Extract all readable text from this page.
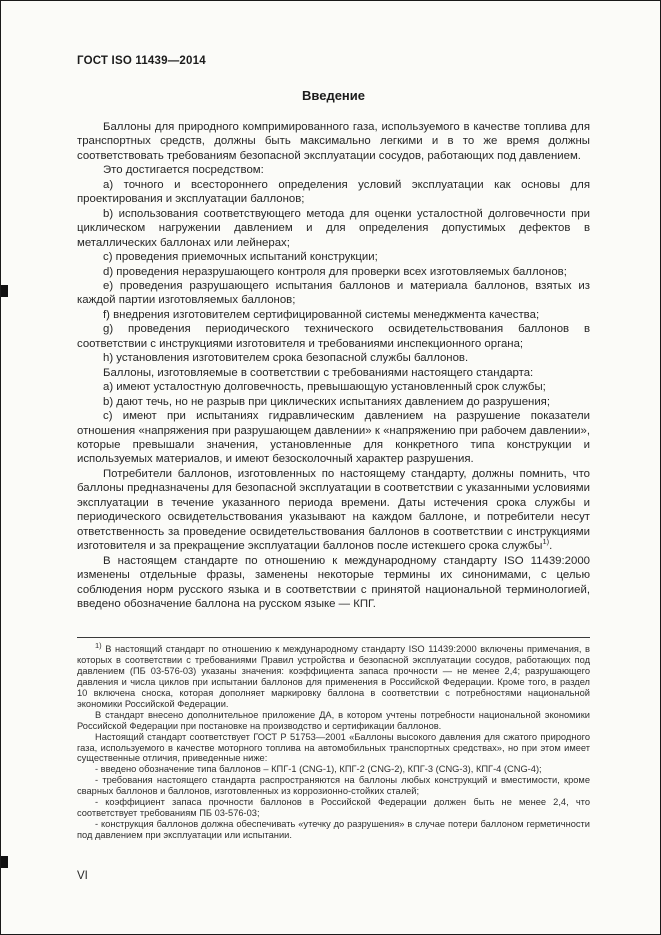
ГОСТ ISO 11439—2014
Введение

Баллоны для природного компримированного газа, используемого в качестве топлива для транспортных средств, должны быть максимально легкими и в то же время должны соответствовать требованиям безопасной эксплуатации сосудов, работающих под давлением.

Это достигается посредством:

a) точного и всестороннего определения условий эксплуатации как основы для проектирования и эксплуатации баллонов;

b) использования соответствующего метода для оценки усталостной долговечности при циклическом нагружении давлением и для определения допустимых дефектов в металлических баллонах или лейнерах;

c) проведения приемочных испытаний конструкции;

d) проведения неразрушающего контроля для проверки всех изготовляемых баллонов;

e) проведения разрушающего испытания баллонов и материала баллонов, взятых из каждой партии изготовляемых баллонов;

f) внедрения изготовителем сертифицированной системы менеджмента качества;

g) проведения периодического технического освидетельствования баллонов в соответствии с инструкциями изготовителя и требованиями инспекционного органа;

h) установления изготовителем срока безопасной службы баллонов.

Баллоны, изготовляемые в соответствии с требованиями настоящего стандарта:

a) имеют усталостную долговечность, превышающую установленный срок службы;

b) дают течь, но не разрыв при циклических испытаниях давлением до разрушения;

c) имеют при испытаниях гидравлическим давлением на разрушение показатели отношения «напряжения при разрушающем давлении» к «напряжению при рабочем давлении», которые превышали значения, установленные для конкретного типа конструкции и используемых материалов, и имеют безосколочный характер разрушения.

Потребители баллонов, изготовленных по настоящему стандарту, должны помнить, что баллоны предназначены для безопасной эксплуатации в соответствии с указанными условиями эксплуатации в течение указанного периода времени. Даты истечения срока службы и периодического освидетельствования указывают на каждом баллоне, и потребители несут ответственность за проведение освидетельствования баллонов в соответствии с инструкциями изготовителя и за прекращение эксплуатации баллонов после истекшего срока службы$^{1)}$.

В настоящем стандарте по отношению к международному стандарту ISO 11439:2000 изменены отдельные фразы, заменены некоторые термины их синонимами, с целью соблюдения норм русского языка и в соответствии с принятой национальной терминологией, введено обозначение баллона на русском языке — КПГ.

$^{1)}$ В настоящий стандарт по отношению к международному стандарту ISO 11439:2000 включены примечания, в которых в соответствии с требованиями Правил устройства и безопасной эксплуатации сосудов, работающих под давлением (ПБ 03-576-03) указаны значения: коэффициента запаса прочности — не менее 2,4; разрушающего давления и числа циклов при испытании баллонов для применения в Российской Федерации. Кроме того, в раздел 10 включена сноска, которая дополняет маркировку баллона в соответствии с потребностями национальной экономики Российской Федерации.

В стандарт внесено дополнительное приложение ДА, в котором учтены потребности национальной экономики Российской Федерации при постановке на производство и сертификации баллонов.

Настоящий стандарт соответствует ГОСТ Р 51753—2001 «Баллоны высокого давления для сжатого природного газа, используемого в качестве моторного топлива на автомобильных транспортных средствах», но при этом имеет существенные отличия, приведенные ниже:

- введено обозначение типа баллонов – КПГ-1 (CNG-1), КПГ-2 (CNG-2), КПГ-3 (CNG-3), КПГ-4 (CNG-4);

- требования настоящего стандарта распространяются на баллоны любых конструкций и вместимости, кроме сварных баллонов и баллонов, изготовленных из коррозионно-стойких сталей;

- коэффициент запаса прочности баллонов в Российской Федерации должен быть не менее 2,4, что соответствует требованиям ПБ 03-576-03;

- конструкция баллонов должна обеспечивать «утечку до разрушения» в случае потери баллоном герметичности под давлением при эксплуатации или испытании.

VI
